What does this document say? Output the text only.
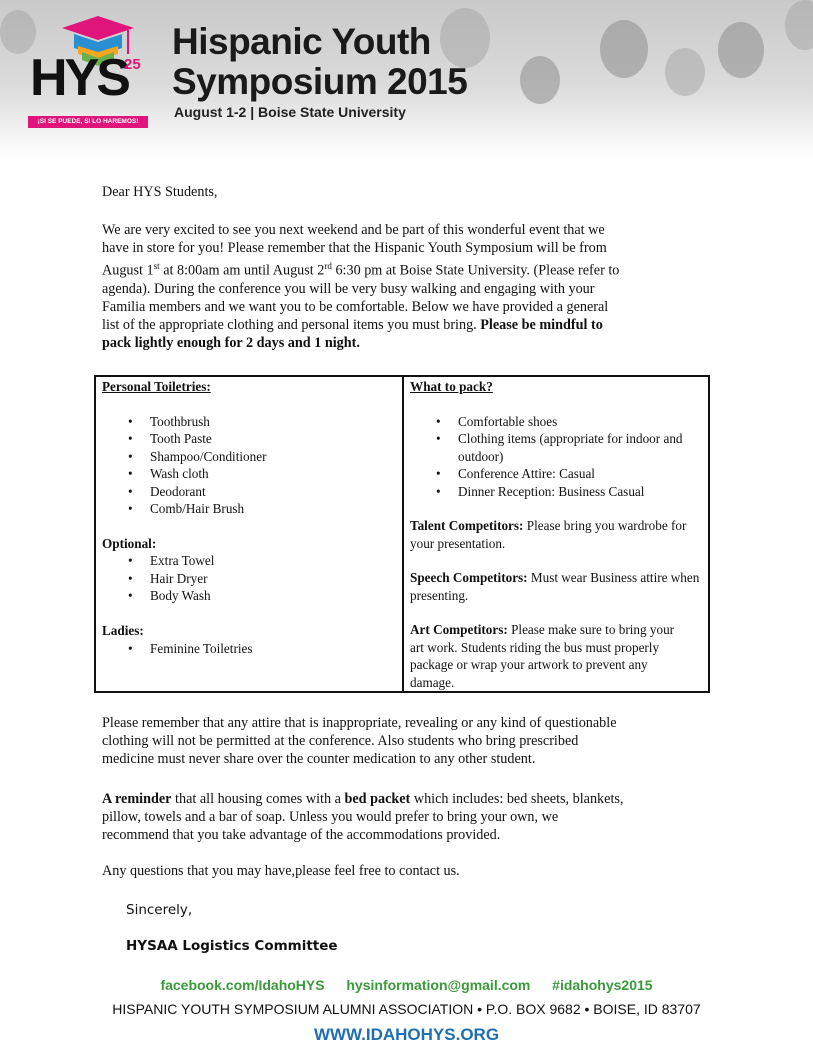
HYS
25
¡SI SE PUEDE, SI LO HAREMOS!
Hispanic Youth
Symposium 2015
August 1-2 | Boise State University
Dear HYS Students,
We are very excited to see you next weekend and be part of this wonderful event that we
have in store for you! Please remember that the Hispanic Youth Symposium will be from
August 1st at 8:00am am until August 2rd 6:30 pm at Boise State University. (Please refer to
agenda). During the conference you will be very busy walking and engaging with your
Familia members and we want you to be comfortable. Below we have provided a general
list of the appropriate clothing and personal items you must bring. Please be mindful to
pack lightly enough for 2 days and 1 night.
Personal Toiletries:
• Toothbrush
• Tooth Paste
• Shampoo/Conditioner
• Wash cloth
• Deodorant
• Comb/Hair Brush
Optional:
• Extra Towel
• Hair Dryer
• Body Wash
Ladies:
• Feminine Toiletries
What to pack?
• Comfortable shoes
• Clothing items (appropriate for indoor and outdoor)
• Conference Attire: Casual
• Dinner Reception: Business Casual
Talent Competitors: Please bring you wardrobe for your presentation.
Speech Competitors: Must wear Business attire when presenting.
Art Competitors: Please make sure to bring your art work. Students riding the bus must properly package or wrap your artwork to prevent any damage.
Please remember that any attire that is inappropriate, revealing or any kind of questionable
clothing will not be permitted at the conference. Also students who bring prescribed
medicine must never share over the counter medication to any other student.
A reminder that all housing comes with a bed packet which includes: bed sheets, blankets,
pillow, towels and a bar of soap. Unless you would prefer to bring your own, we
recommend that you take advantage of the accommodations provided.
Any questions that you may have,please feel free to contact us.
Sincerely,
HYSAA Logistics Committee
facebook.com/IdahoHYS hysinformation@gmail.com #idahohys2015
HISPANIC YOUTH SYMPOSIUM ALUMNI ASSOCIATION • P.O. BOX 9682 • BOISE, ID 83707
WWW.IDAHOHYS.ORG
